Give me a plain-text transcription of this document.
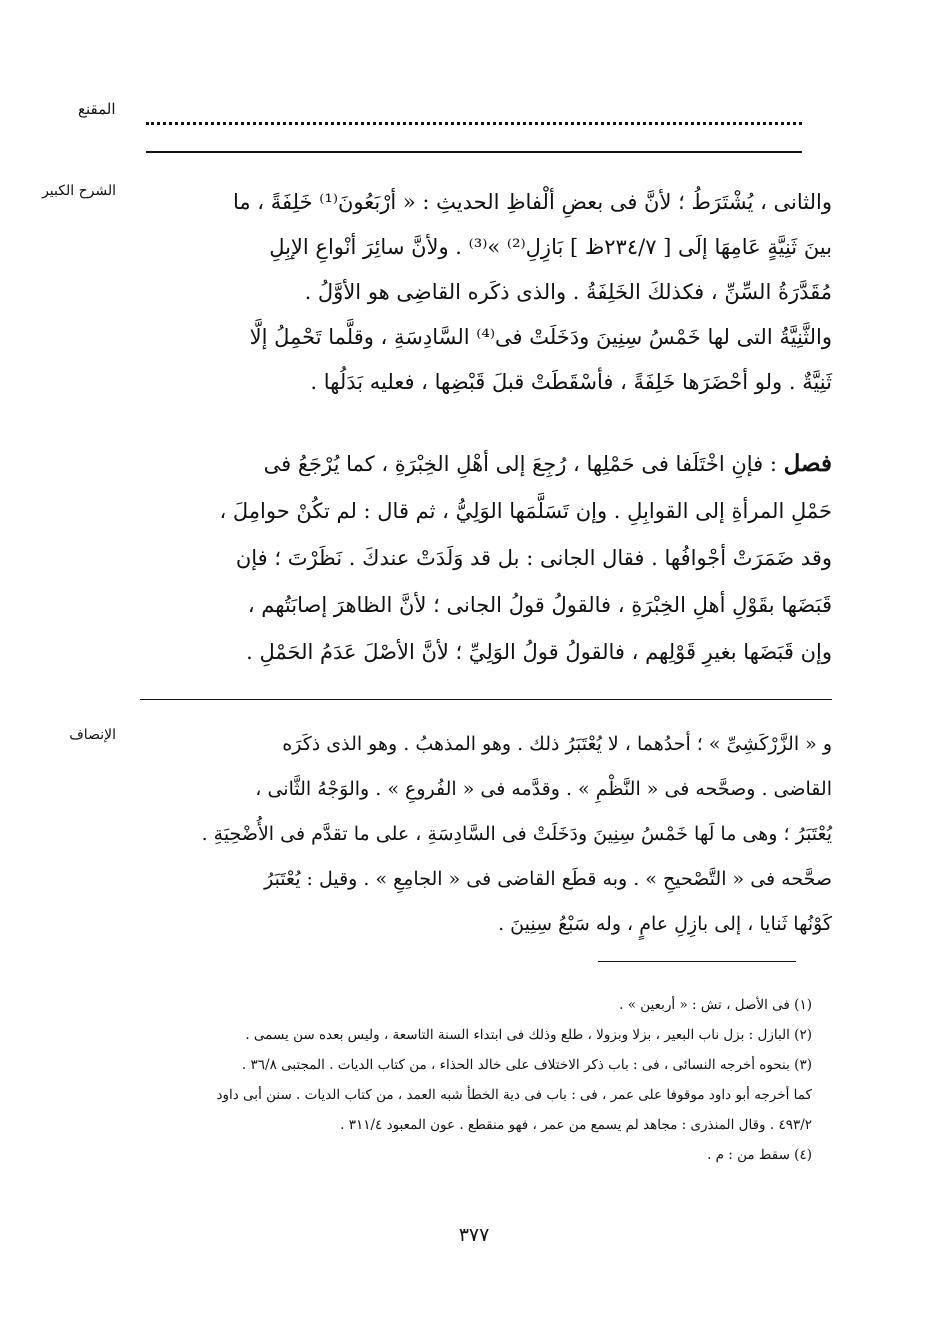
المقنع
الشرح الكبير	والثانى ، يُشْتَرَطُ ؛ لأنَّ فى بعضِ ألْفاظِ الحديثِ : « أرْبَعُونَ⁽¹⁾ خَلِفَةً ، ما

بينَ ثَنِيَّةٍ عَامِهَا إلَى [ ٢٣٤/٧ظ ] بَازِلِ⁽²⁾ »⁽³⁾ . ولأنَّ سائِرَ أنْواعِ الإبِلِ

مُقَدَّرَةُ السِّنِّ ، فكذلكَ الخَلِفَةُ . والذى ذكَره القاضِى هو الأوَّلُ .

والثَّنِيَّةُ التى لها خَمْسُ سِنِينَ ودَخَلَتْ فى⁽⁴⁾ السَّادِسَةِ ، وقلَّما تَحْمِلُ إلَّا

ثَنِيَّةٌ . ولو أحْضَرَها خَلِفَةً ، فأسْقَطَتْ قبلَ قَبْضِها ، فعليه بَدَلُها .

فصل : فإنِ اخْتَلَفا فى حَمْلِها ، رُجِعَ إلى أهْلِ الخِبْرَةِ ، كما يُرْجَعُ فى

حَمْلِ المرأةِ إلى القوابِلِ . وإن تَسَلَّمَها الوَلِيُّ ، ثم قال : لم تكُنْ حوامِلَ ،

وقد ضَمَرَتْ أجْوافُها . فقال الجانى : بل قد وَلَدَتْ عندكَ . نَظَرْتَ ؛ فإن

قَبَضَها بقَوْلِ أهلِ الخِبْرَةِ ، فالقولُ قولُ الجانى ؛ لأنَّ الظاهرَ إصابَتُهم ،

وإن قَبَضَها بغيرِ قَوْلِهم ، فالقولُ قولُ الوَلِيِّ ؛ لأنَّ الأصْلَ عَدَمُ الحَمْلِ .

الإنصاف	و « الزَّرْكَشِىِّ » ؛ أحدُهما ، لا يُعْتَبَرُ ذلك . وهو المذهبُ . وهو الذى ذكَرَه

القاضى . وصحَّحه فى « النَّظْمِ » . وقدَّمه فى « الفُروعِ » . والوَجْهُ الثَّانى ،

يُعْتَبَرُ ؛ وهى ما لَها خَمْسُ سِنِينَ ودَخَلَتْ فى السَّادِسَةِ ، على ما تقدَّم فى الأُضْحِيَةِ .

صحَّحه فى « التَّصْحيحِ » . وبه قطَع القاضى فى « الجامِعِ » . وقيل : يُعْتَبَرُ

كَوْنُها ثَنايا ، إلى بازِلِ عامٍ ، وله سَبْعُ سِنِينَ .

(١) فى الأصل ، تش : « أربعين » .
(٢) البازل : بزل ناب البعير ، بزلا وبزولا ، طلع وذلك فى ابتداء السنة التاسعة ، وليس بعده سن يسمى .
(٣) بنحوه أخرجه النسائى ، فى : باب ذكر الاختلاف على خالد الحذاء ، من كتاب الديات . المجتبى ٣٦/٨ .
كما أخرجه أبو داود موقوفا على عمر ، فى : باب فى دية الخطأ شبه العمد ، من كتاب الديات . سنن أبى داود
٤٩٣/٢ . وقال المنذرى : مجاهد لم يسمع من عمر ، فهو منقطع . عون المعبود ٣١١/٤ .
(٤) سقط من : م .
٣٧٧
